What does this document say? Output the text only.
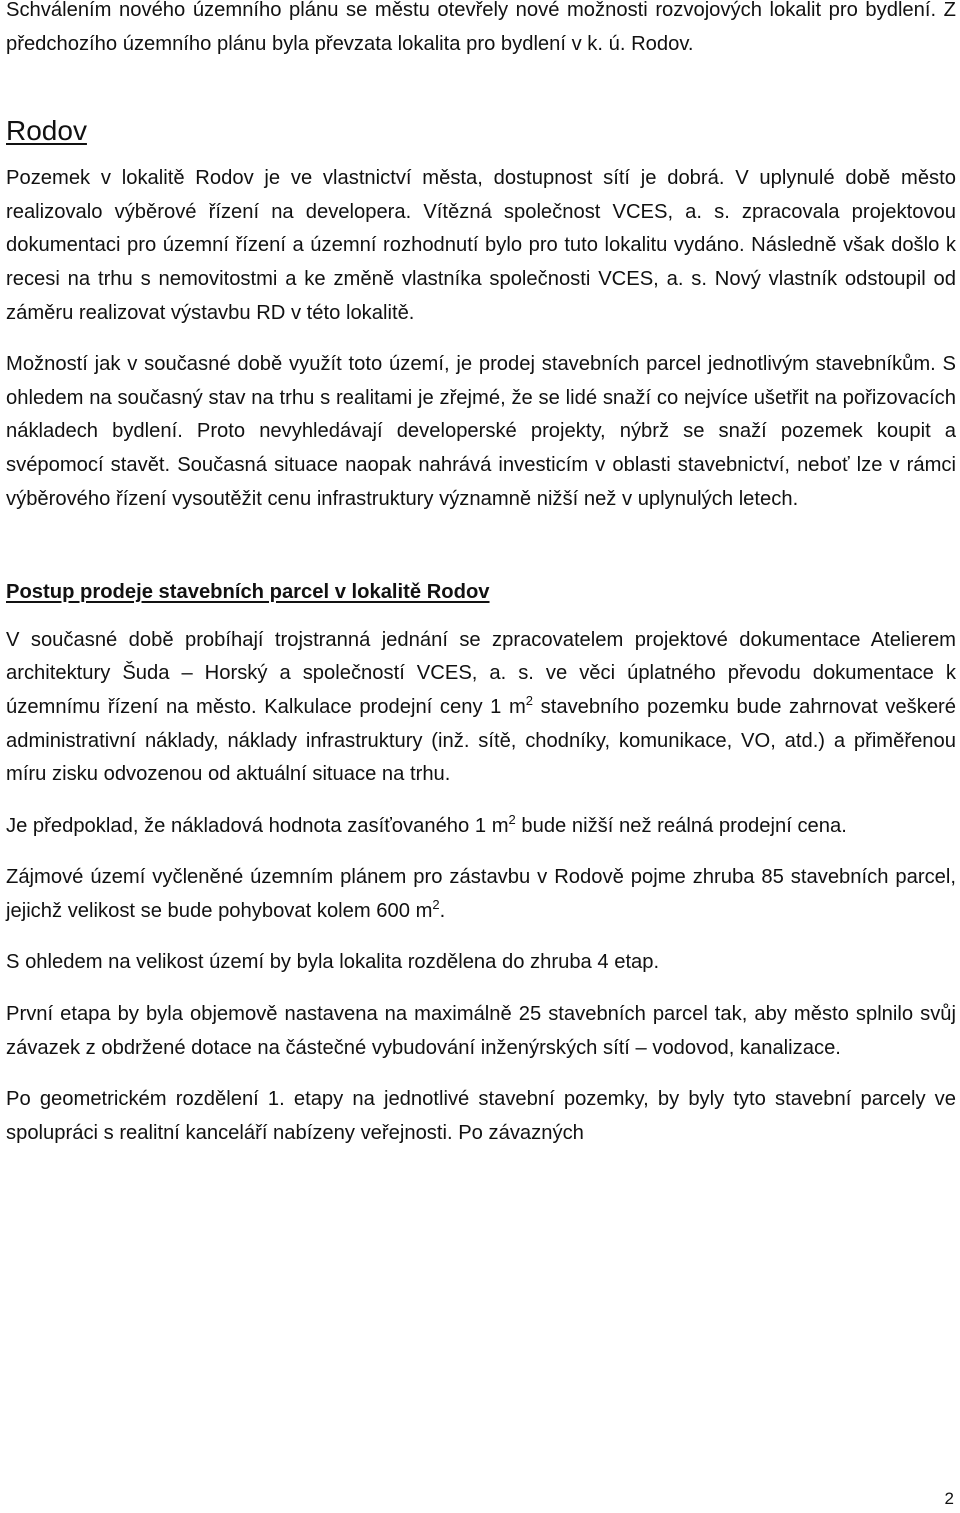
Schválením nového územního plánu se městu otevřely nové možnosti rozvojových lokalit pro bydlení. Z předchozího územního plánu byla převzata lokalita pro bydlení v k. ú. Rodov.

Rodov

Pozemek v lokalitě Rodov je ve vlastnictví města, dostupnost sítí je dobrá. V uplynulé době město realizovalo výběrové řízení na developera. Vítězná společnost VCES, a. s. zpracovala projektovou dokumentaci pro územní řízení a územní rozhodnutí bylo pro tuto lokalitu vydáno. Následně však došlo k recesi na trhu s nemovitostmi a ke změně vlastníka společnosti VCES, a. s. Nový vlastník odstoupil od záměru realizovat výstavbu RD v této lokalitě.

Možností jak v současné době využít toto území, je prodej stavebních parcel jednotlivým stavebníkům. S ohledem na současný stav na trhu s realitami je zřejmé, že se lidé snaží co nejvíce ušetřit na pořizovacích nákladech bydlení. Proto nevyhledávají developerské projekty, nýbrž se snaží pozemek koupit a svépomocí stavět. Současná situace naopak nahrává investicím v oblasti stavebnictví, neboť lze v rámci výběrového řízení vysoutěžit cenu infrastruktury významně nižší než v uplynulých letech.

Postup prodeje stavebních parcel v lokalitě Rodov

V současné době probíhají trojstranná jednání se zpracovatelem projektové dokumentace Atelierem architektury Šuda – Horský a společností VCES, a. s. ve věci úplatného převodu dokumentace k územnímu řízení na město. Kalkulace prodejní ceny 1 $m^2$ stavebního pozemku bude zahrnovat veškeré administrativní náklady, náklady infrastruktury (inž. sítě, chodníky, komunikace, VO, atd.) a přiměřenou míru zisku odvozenou od aktuální situace na trhu.

Je předpoklad, že nákladová hodnota zasíťovaného 1 $m^2$ bude nižší než reálná prodejní cena.

Zájmové území vyčleněné územním plánem pro zástavbu v Rodově pojme zhruba 85 stavebních parcel, jejichž velikost se bude pohybovat kolem 600 $m^2$.

S ohledem na velikost území by byla lokalita rozdělena do zhruba 4 etap.

První etapa by byla objemově nastavena na maximálně 25 stavebních parcel tak, aby město splnilo svůj závazek z obdržené dotace na částečné vybudování inženýrských sítí – vodovod, kanalizace.

Po geometrickém rozdělení 1. etapy na jednotlivé stavební pozemky, by byly tyto stavební parcely ve spolupráci s realitní kanceláří nabízeny veřejnosti. Po závazných

2
